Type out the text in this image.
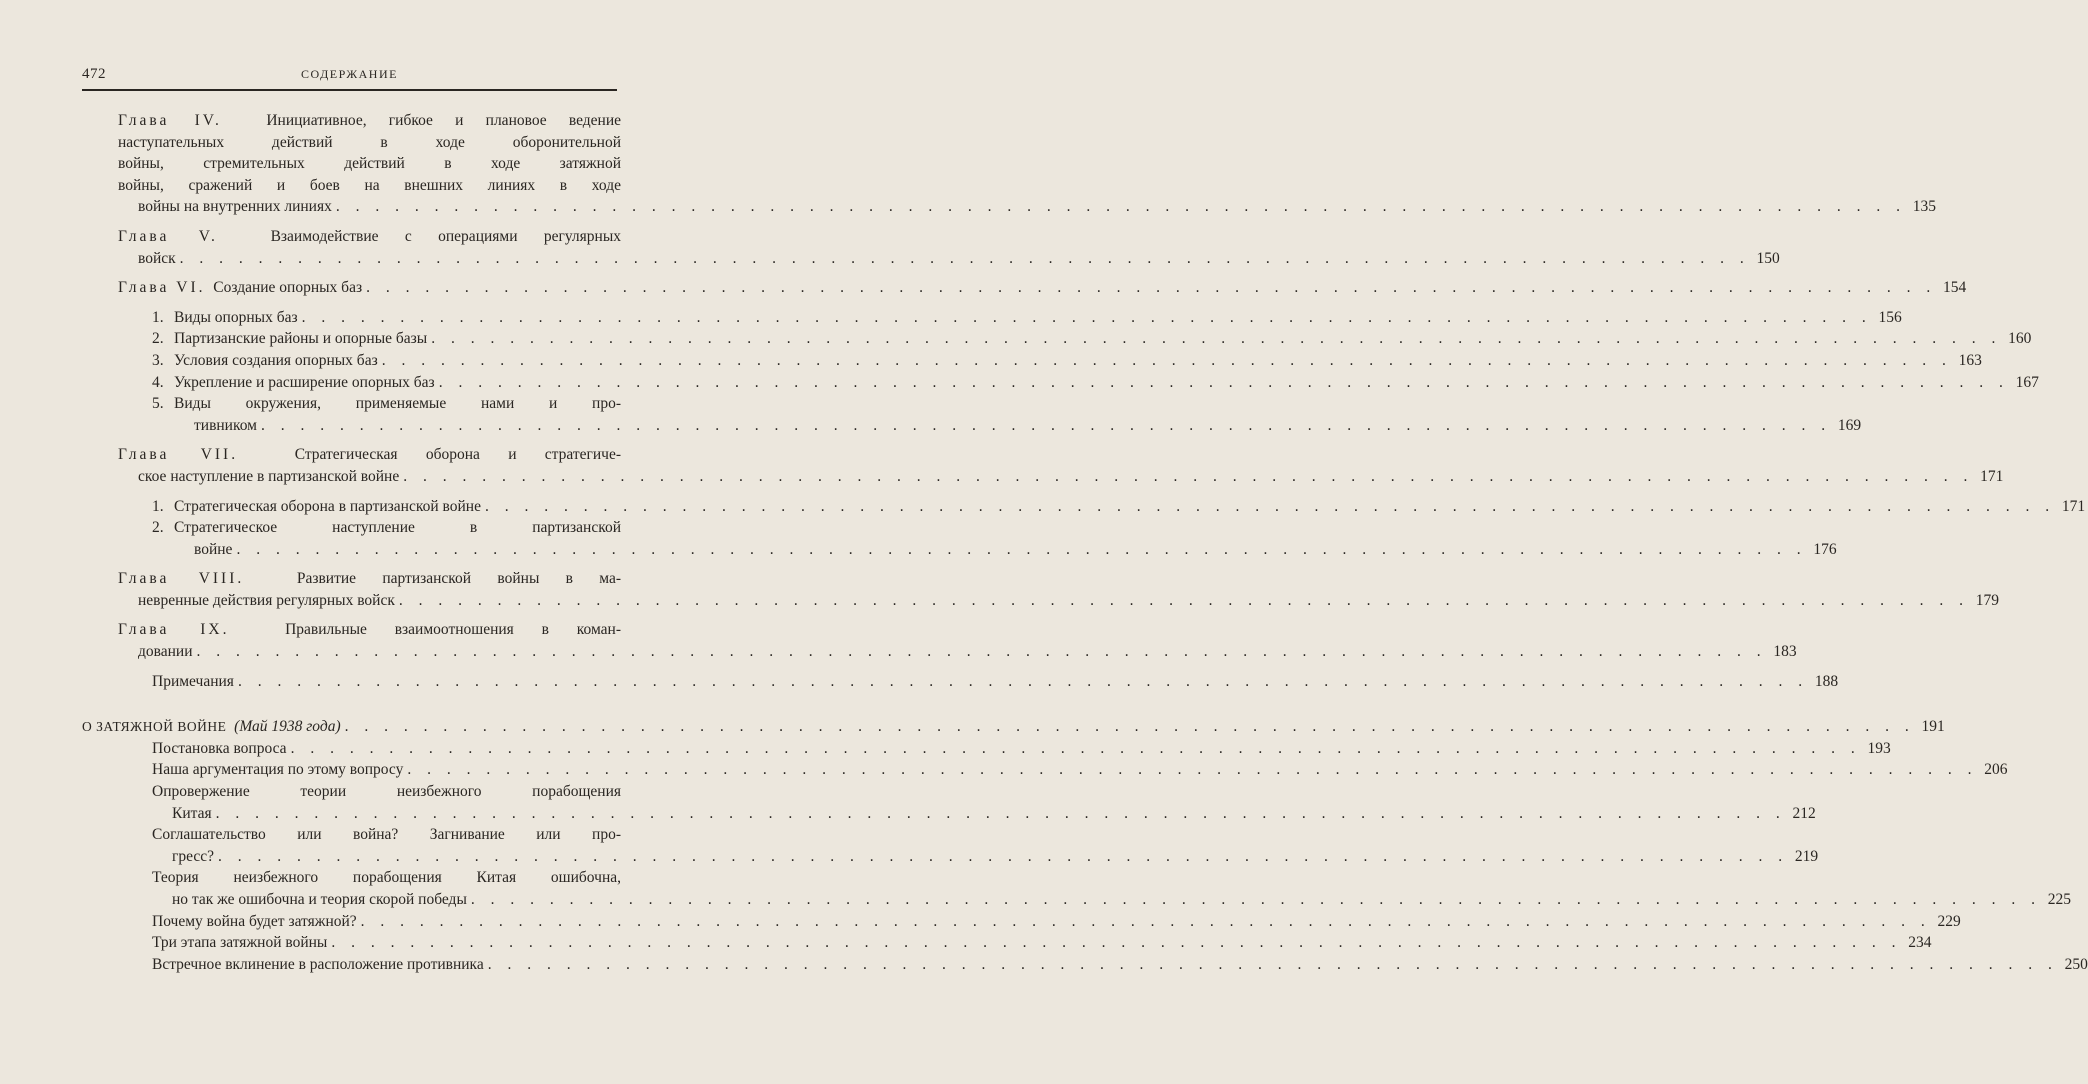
472	СОДЕРЖАНИЕ
Глава IV.	Инициативное, гибкое и плановое ведение
наступательных действий в ходе оборонительной
войны, стремительных действий в ходе затяжной
войны, сражений и боев на внешних линиях в ходе
войны на внутренних линиях . . . . . . . . . . . . . . . . . . . . . . . . . . . . . . . . . . . . . . . . . . . . . . . . . . . . . . . . . . . . . . . . . . . . . . . . . . . . . . . . 135
Глава V.	Взаимодействие с операциями регулярных
войск . . . . . . . . . . . . . . . . . . . . . . . . . . . . . . . . . . . . . . . . . . . . . . . . . . . . . . . . . . . . . . . . . . . . . . . . . . . . . . . . 150
Глава VI. Создание опорных баз . . . . . . . . . . . . . . . . . . . . . . . . . . . . . . . . . . . . . . . . . . . . . . . . . . . . . . . . . . . . . . . . . . . . . . . . . . . . . . . . 154
1. Виды опорных баз . . . . . . . . . . . . . . . . . . . . . . . . . . . . . . . . . . . . . . . . . . . . . . . . . . . . . . . . . . . . . . . . . . . . . . . . . . . . . . . . 156
2. Партизанские районы и опорные базы . . . . . . . . . . . . . . . . . . . . . . . . . . . . . . . . . . . . . . . . . . . . . . . . . . . . . . . . . . . . . . . . . . . . . . . . . . . . . . . . 160
3. Условия создания опорных баз . . . . . . . . . . . . . . . . . . . . . . . . . . . . . . . . . . . . . . . . . . . . . . . . . . . . . . . . . . . . . . . . . . . . . . . . . . . . . . . . 163
4. Укрепление и расширение опорных баз . . . . . . . . . . . . . . . . . . . . . . . . . . . . . . . . . . . . . . . . . . . . . . . . . . . . . . . . . . . . . . . . . . . . . . . . . . . . . . . . 167
5. Виды окружения, применяемые нами и про-
тивником . . . . . . . . . . . . . . . . . . . . . . . . . . . . . . . . . . . . . . . . . . . . . . . . . . . . . . . . . . . . . . . . . . . . . . . . . . . . . . . . 169
Глава VII.	Стратегическая оборона и стратегиче-
ское наступление в партизанской войне . . . . . . . . . . . . . . . . . . . . . . . . . . . . . . . . . . . . . . . . . . . . . . . . . . . . . . . . . . . . . . . . . . . . . . . . . . . . . . . . 171
1. Стратегическая оборона в партизанской войне . . . . . . . . . . . . . . . . . . . . . . . . . . . . . . . . . . . . . . . . . . . . . . . . . . . . . . . . . . . . . . . . . . . . . . . . . . . . . . . . 171
2. Стратегическое наступление в партизанской
войне . . . . . . . . . . . . . . . . . . . . . . . . . . . . . . . . . . . . . . . . . . . . . . . . . . . . . . . . . . . . . . . . . . . . . . . . . . . . . . . . 176
Глава VIII.	Развитие партизанской войны в ма-
невренные действия регулярных войск . . . . . . . . . . . . . . . . . . . . . . . . . . . . . . . . . . . . . . . . . . . . . . . . . . . . . . . . . . . . . . . . . . . . . . . . . . . . . . . . 179
Глава IX.	Правильные взаимоотношения в коман-
довании . . . . . . . . . . . . . . . . . . . . . . . . . . . . . . . . . . . . . . . . . . . . . . . . . . . . . . . . . . . . . . . . . . . . . . . . . . . . . . . . 183
Примечания . . . . . . . . . . . . . . . . . . . . . . . . . . . . . . . . . . . . . . . . . . . . . . . . . . . . . . . . . . . . . . . . . . . . . . . . . . . . . . . . 188
О ЗАТЯЖНОЙ ВОЙНЕ
(Май 1938 года) . . . . . . . . . . . . . . . . . . . . . . . . . . . . . . . . . . . . . . . . . . . . . . . . . . . . . . . . . . . . . . . . . . . . . . . . . . . . . . . . 191
Постановка вопроса . . . . . . . . . . . . . . . . . . . . . . . . . . . . . . . . . . . . . . . . . . . . . . . . . . . . . . . . . . . . . . . . . . . . . . . . . . . . . . . . 193
Наша аргументация по этому вопросу . . . . . . . . . . . . . . . . . . . . . . . . . . . . . . . . . . . . . . . . . . . . . . . . . . . . . . . . . . . . . . . . . . . . . . . . . . . . . . . . 206
Опровержение теории неизбежного порабощения
Китая . . . . . . . . . . . . . . . . . . . . . . . . . . . . . . . . . . . . . . . . . . . . . . . . . . . . . . . . . . . . . . . . . . . . . . . . . . . . . . . . 212
Соглашательство или война? Загнивание или про-
гресс? . . . . . . . . . . . . . . . . . . . . . . . . . . . . . . . . . . . . . . . . . . . . . . . . . . . . . . . . . . . . . . . . . . . . . . . . . . . . . . . . 219
Теория неизбежного порабощения Китая ошибочна,
но так же ошибочна и теория скорой победы . . . . . . . . . . . . . . . . . . . . . . . . . . . . . . . . . . . . . . . . . . . . . . . . . . . . . . . . . . . . . . . . . . . . . . . . . . . . . . . . 225
Почему война будет затяжной? . . . . . . . . . . . . . . . . . . . . . . . . . . . . . . . . . . . . . . . . . . . . . . . . . . . . . . . . . . . . . . . . . . . . . . . . . . . . . . . . 229
Три этапа затяжной войны . . . . . . . . . . . . . . . . . . . . . . . . . . . . . . . . . . . . . . . . . . . . . . . . . . . . . . . . . . . . . . . . . . . . . . . . . . . . . . . . 234
Встречное вклинение в расположение противника . . . . . . . . . . . . . . . . . . . . . . . . . . . . . . . . . . . . . . . . . . . . . . . . . . . . . . . . . . . . . . . . . . . . . . . . . . . . . . . . 250
